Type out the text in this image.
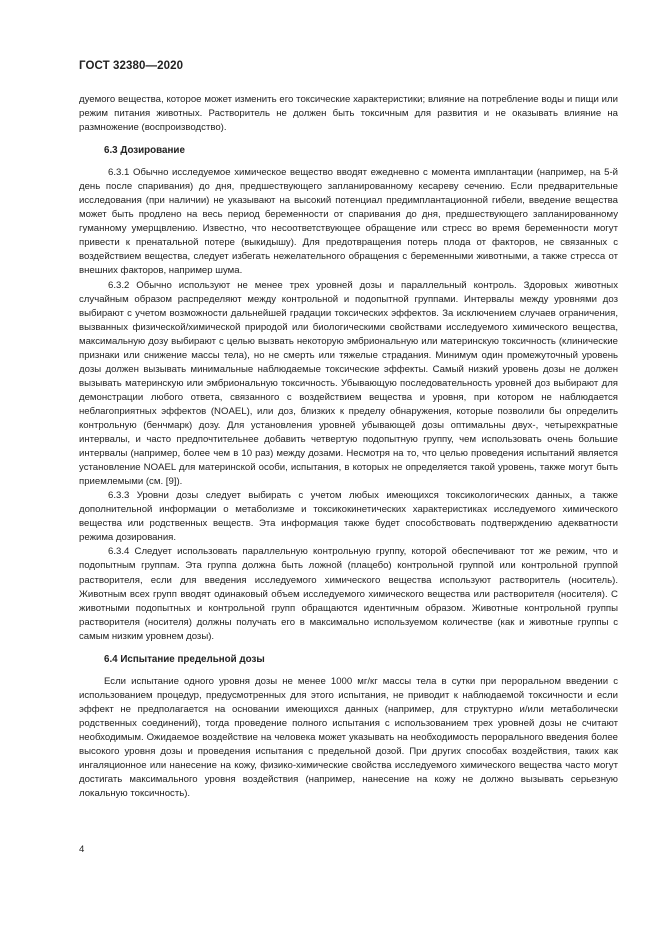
ГОСТ 32380—2020

дуемого вещества, которое может изменить его токсические характеристики; влияние на потребление воды и пищи или режим питания животных. Растворитель не должен быть токсичным для развития и не оказывать влияние на размножение (воспроизводство).

6.3 Дозирование

6.3.1 Обычно исследуемое химическое вещество вводят ежедневно с момента имплантации (например, на 5-й день после спаривания) до дня, предшествующего запланированному кесареву сечению. Если предварительные исследования (при наличии) не указывают на высокий потенциал предимплантационной гибели, введение вещества может быть продлено на весь период беременности от спаривания до дня, предшествующего запланированному гуманному умерщвлению. Известно, что несоответствующее обращение или стресс во время беременности могут привести к пренатальной потере (выкидышу). Для предотвращения потерь плода от факторов, не связанных с воздействием вещества, следует избегать нежелательного обращения с беременными животными, а также стресса от внешних факторов, например шума.

6.3.2 Обычно используют не менее трех уровней дозы и параллельный контроль. Здоровых животных случайным образом распределяют между контрольной и подопытной группами. Интервалы между уровнями доз выбирают с учетом возможности дальнейшей градации токсических эффектов. За исключением случаев ограничения, вызванных физической/химической природой или биологическими свойствами исследуемого химического вещества, максимальную дозу выбирают с целью вызвать некоторую эмбриональную или материнскую токсичность (клинические признаки или снижение массы тела), но не смерть или тяжелые страдания. Минимум один промежуточный уровень дозы должен вызывать минимальные наблюдаемые токсические эффекты. Самый низкий уровень дозы не должен вызывать материнскую или эмбриональную токсичность. Убывающую последовательность уровней доз выбирают для демонстрации любого ответа, связанного с воздействием вещества и уровня, при котором не наблюдается неблагоприятных эффектов (NOAEL), или доз, близких к пределу обнаружения, которые позволили бы определить контрольную (бенчмарк) дозу. Для установления уровней убывающей дозы оптимальны двух-, четырехкратные интервалы, и часто предпочтительнее добавить четвертую подопытную группу, чем использовать очень большие интервалы (например, более чем в 10 раз) между дозами. Несмотря на то, что целью проведения испытаний является установление NOAEL для материнской особи, испытания, в которых не определяется такой уровень, также могут быть приемлемыми (см. [9]).

6.3.3 Уровни дозы следует выбирать с учетом любых имеющихся токсикологических данных, а также дополнительной информации о метаболизме и токсикокинетических характеристиках исследуемого химического вещества или родственных веществ. Эта информация также будет способствовать подтверждению адекватности режима дозирования.

6.3.4 Следует использовать параллельную контрольную группу, которой обеспечивают тот же режим, что и подопытным группам. Эта группа должна быть ложной (плацебо) контрольной группой или контрольной группой растворителя, если для введения исследуемого химического вещества используют растворитель (носитель). Животным всех групп вводят одинаковый объем исследуемого химического вещества или растворителя (носителя). С животными подопытных и контрольной групп обращаются идентичным образом. Животные контрольной группы растворителя (носителя) должны получать его в максимально используемом количестве (как и животные группы с самым низким уровнем дозы).

6.4 Испытание предельной дозы

Если испытание одного уровня дозы не менее 1000 мг/кг массы тела в сутки при пероральном введении с использованием процедур, предусмотренных для этого испытания, не приводит к наблюдаемой токсичности и если эффект не предполагается на основании имеющихся данных (например, для структурно и/или метаболически родственных соединений), тогда проведение полного испытания с использованием трех уровней дозы не считают необходимым. Ожидаемое воздействие на человека может указывать на необходимость перорального введения более высокого уровня дозы и проведения испытания с предельной дозой. При других способах воздействия, таких как ингаляционное или нанесение на кожу, физико-химические свойства исследуемого химического вещества часто могут достигать максимального уровня воздействия (например, нанесение на кожу не должно вызывать серьезную локальную токсичность).

4
